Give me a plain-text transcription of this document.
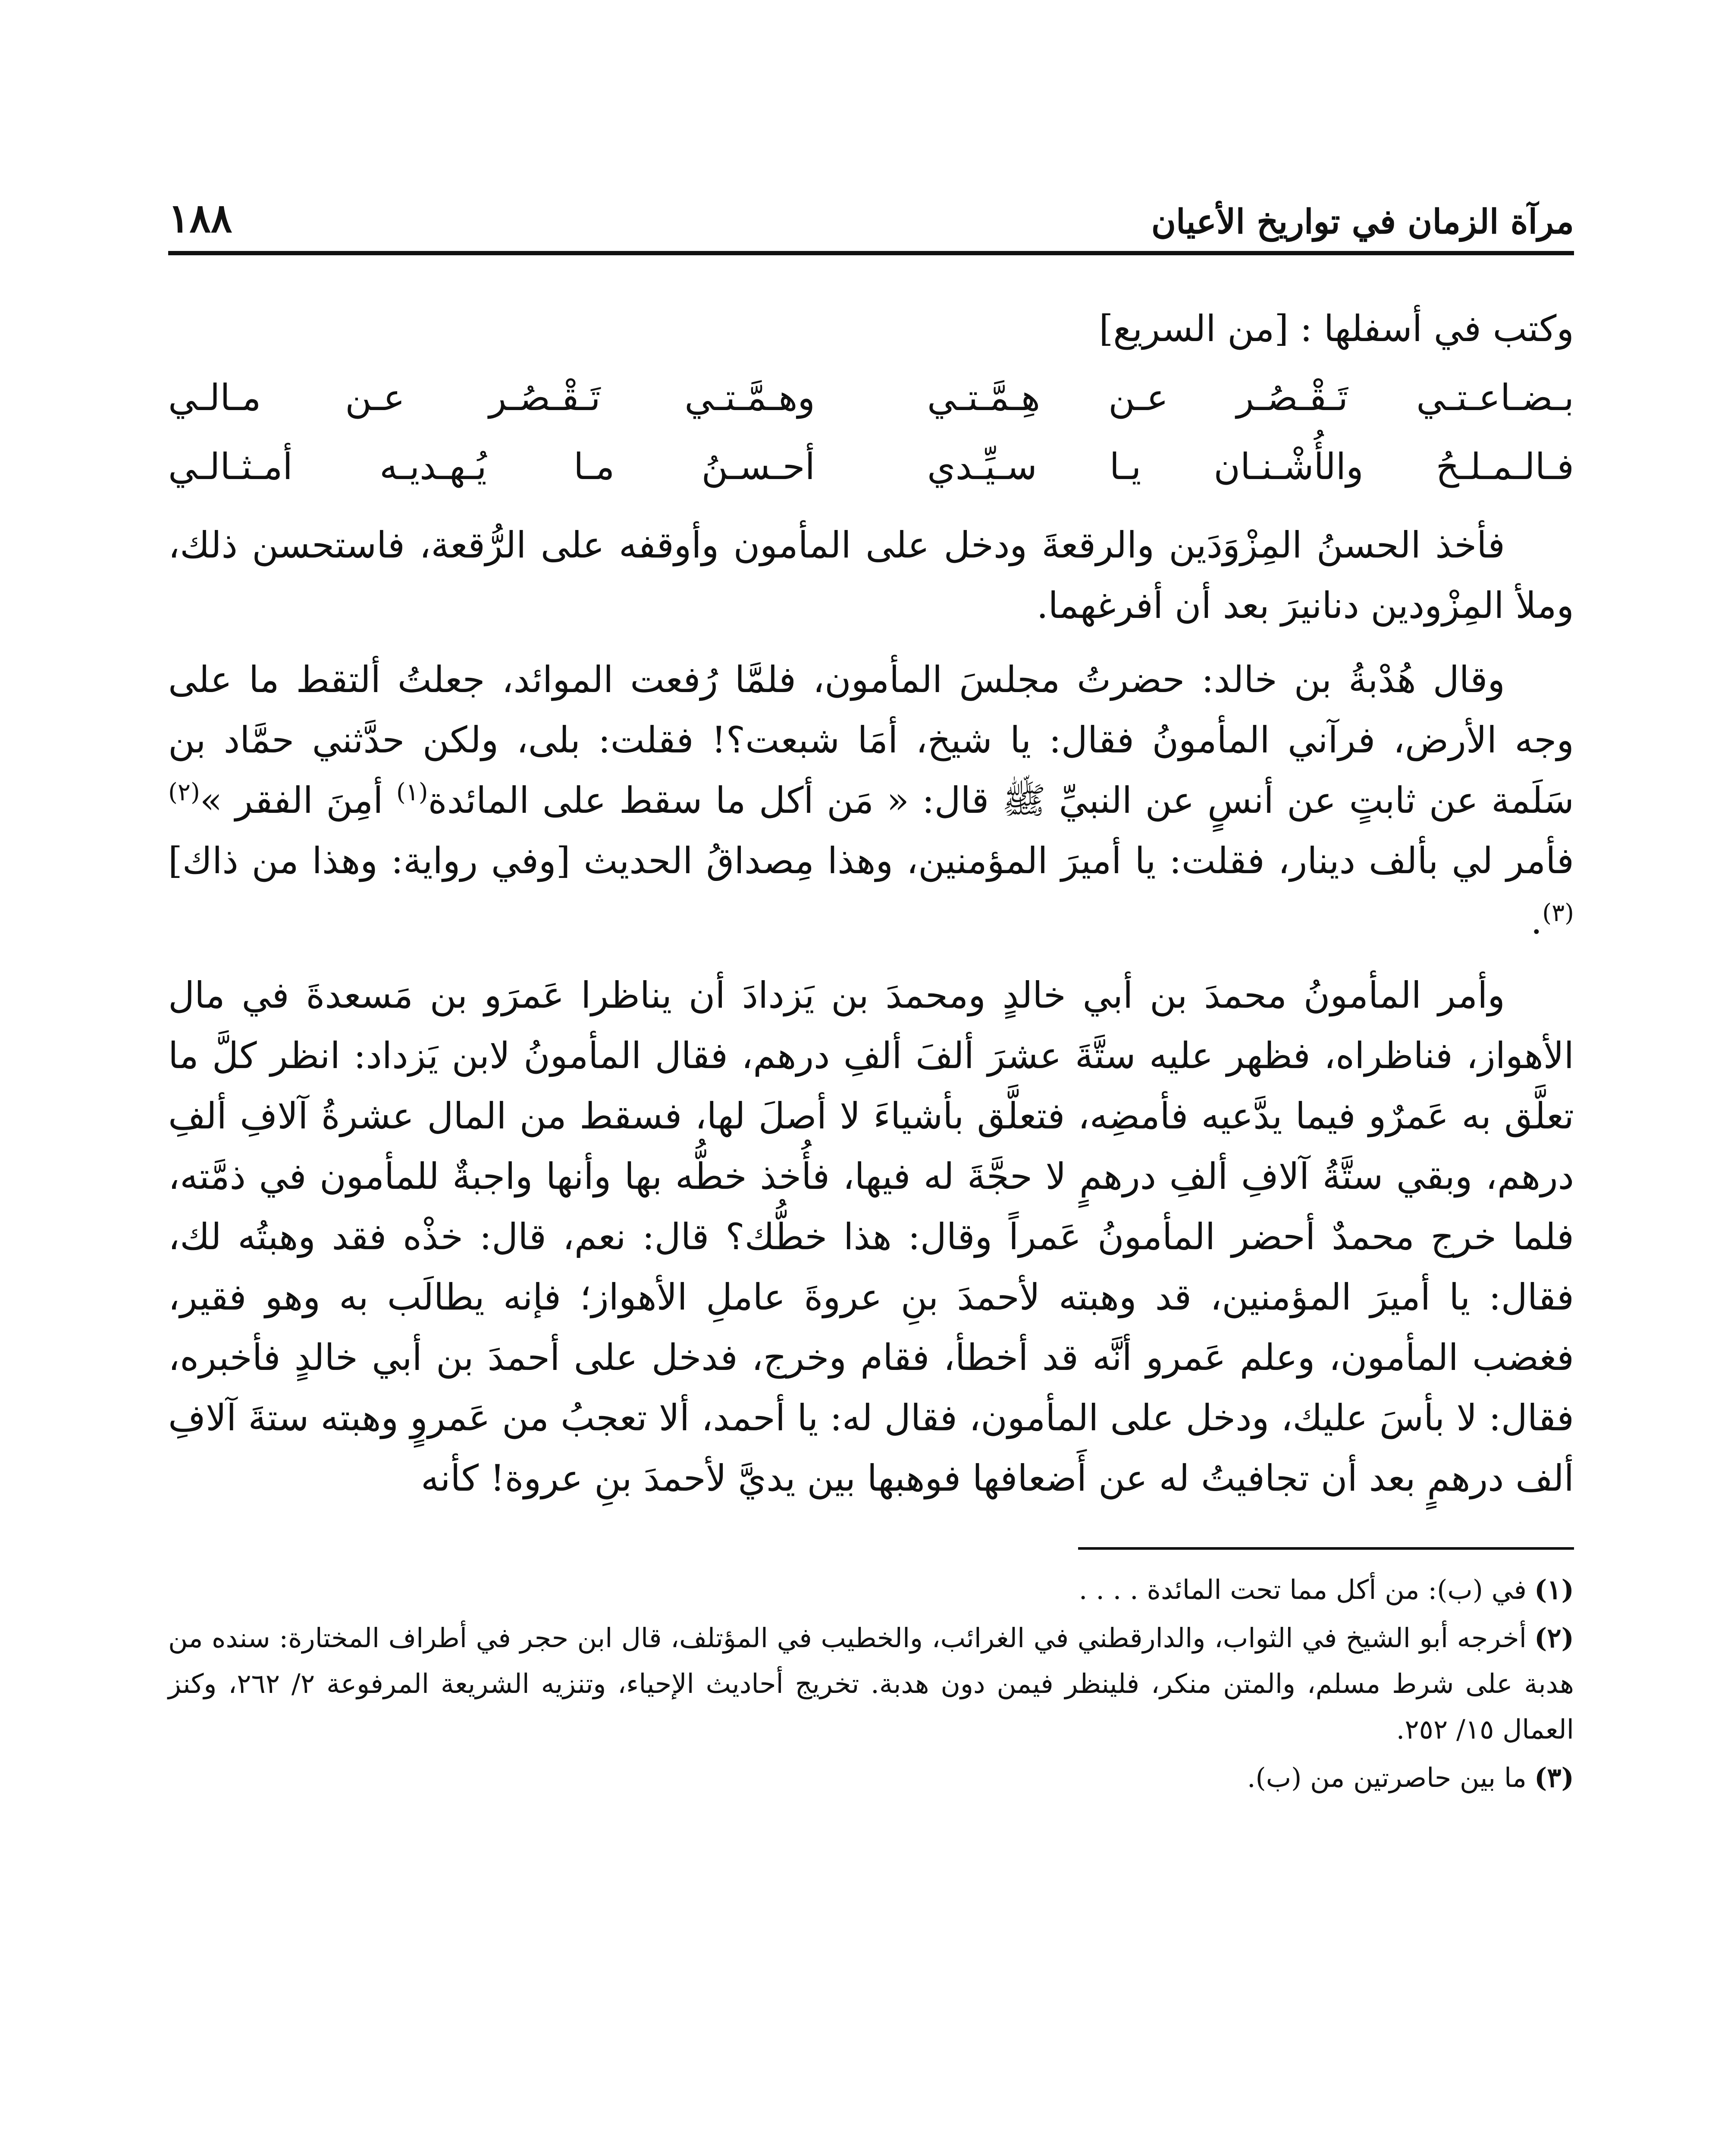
مرآة الزمان في تواريخ الأعيان
١٨٨

وكتب في أسفلها : [من السريع]

بـضـاعـتـي تَـقْـصُـر عـن هِـمَّـتـي
وهـمَّـتـي تَـقْـصُـر عـن مـالـي
فـالـمـلـحُ والأُشْـنـان يـا سـيِّـدي
أحـسـنُ مـا يُـهـديـه أمـثـالـي

فأخذ الحسنُ المِزْوَدَين والرقعةَ ودخل على المأمون وأوقفه على الرُّقعة، فاستحسن ذلك، وملأ المِزْودين دنانيرَ بعد أن أفرغهما.

وقال هُدْبةُ بن خالد: حضرتُ مجلسَ المأمون، فلمَّا رُفعت الموائد، جعلتُ ألتقط ما على وجه الأرض، فرآني المأمونُ فقال: يا شيخ، أمَا شبعت؟! فقلت: بلى، ولكن حدَّثني حمَّاد بن سَلَمة عن ثابتٍ عن أنسٍ عن النبيِّ ﷺ قال: « مَن أكل ما سقط على المائدة$^{(١)}$ أمِنَ الفقر »$^{(٢)}$ فأمر لي بألف دينار، فقلت: يا أميرَ المؤمنين، وهذا مِصداقُ الحديث [وفي رواية: وهذا من ذاك]$^{(٣)}$.

وأمر المأمونُ محمدَ بن أبي خالدٍ ومحمدَ بن يَزدادَ أن يناظرا عَمرَو بن مَسعدةَ في مال الأهواز، فناظراه، فظهر عليه ستَّةَ عشرَ ألفَ ألفِ درهم، فقال المأمونُ لابن يَزداد: انظر كلَّ ما تعلَّق به عَمرٌو فيما يدَّعيه فأمضِه، فتعلَّق بأشياءَ لا أصلَ لها، فسقط من المال عشرةُ آلافِ ألفِ درهم، وبقي ستَّةُ آلافِ ألفِ درهمٍ لا حجَّةَ له فيها، فأُخذ خطُّه بها وأنها واجبةٌ للمأمون في ذمَّته، فلما خرج محمدٌ أحضر المأمونُ عَمراً وقال: هذا خطُّك؟ قال: نعم، قال: خذْه فقد وهبتُه لك، فقال: يا أميرَ المؤمنين، قد وهبته لأحمدَ بنِ عروةَ عاملِ الأهواز؛ فإنه يطالَب به وهو فقير، فغضب المأمون، وعلم عَمرو أنَّه قد أخطأ، فقام وخرج، فدخل على أحمدَ بن أبي خالدٍ فأخبره، فقال: لا بأسَ عليك، ودخل على المأمون، فقال له: يا أحمد، ألا تعجبُ من عَمروٍ وهبته ستةَ آلافِ ألف درهمٍ بعد أن تجافيتُ له عن أَضعافها فوهبها بين يديَّ لأحمدَ بنِ عروة! كأنه

(١)في (ب): من أكل مما تحت المائدة . . . .

(٢)أخرجه أبو الشيخ في الثواب، والدارقطني في الغرائب، والخطيب في المؤتلف، قال ابن حجر في أطراف المختارة: سنده من هدبة على شرط مسلم، والمتن منكر، فلينظر فيمن دون هدبة. تخريج أحاديث الإحياء، وتنزيه الشريعة المرفوعة ٢/ ٢٦٢، وكنز العمال ١٥/ ٢٥٢.

(٣)ما بين حاصرتين من (ب).
